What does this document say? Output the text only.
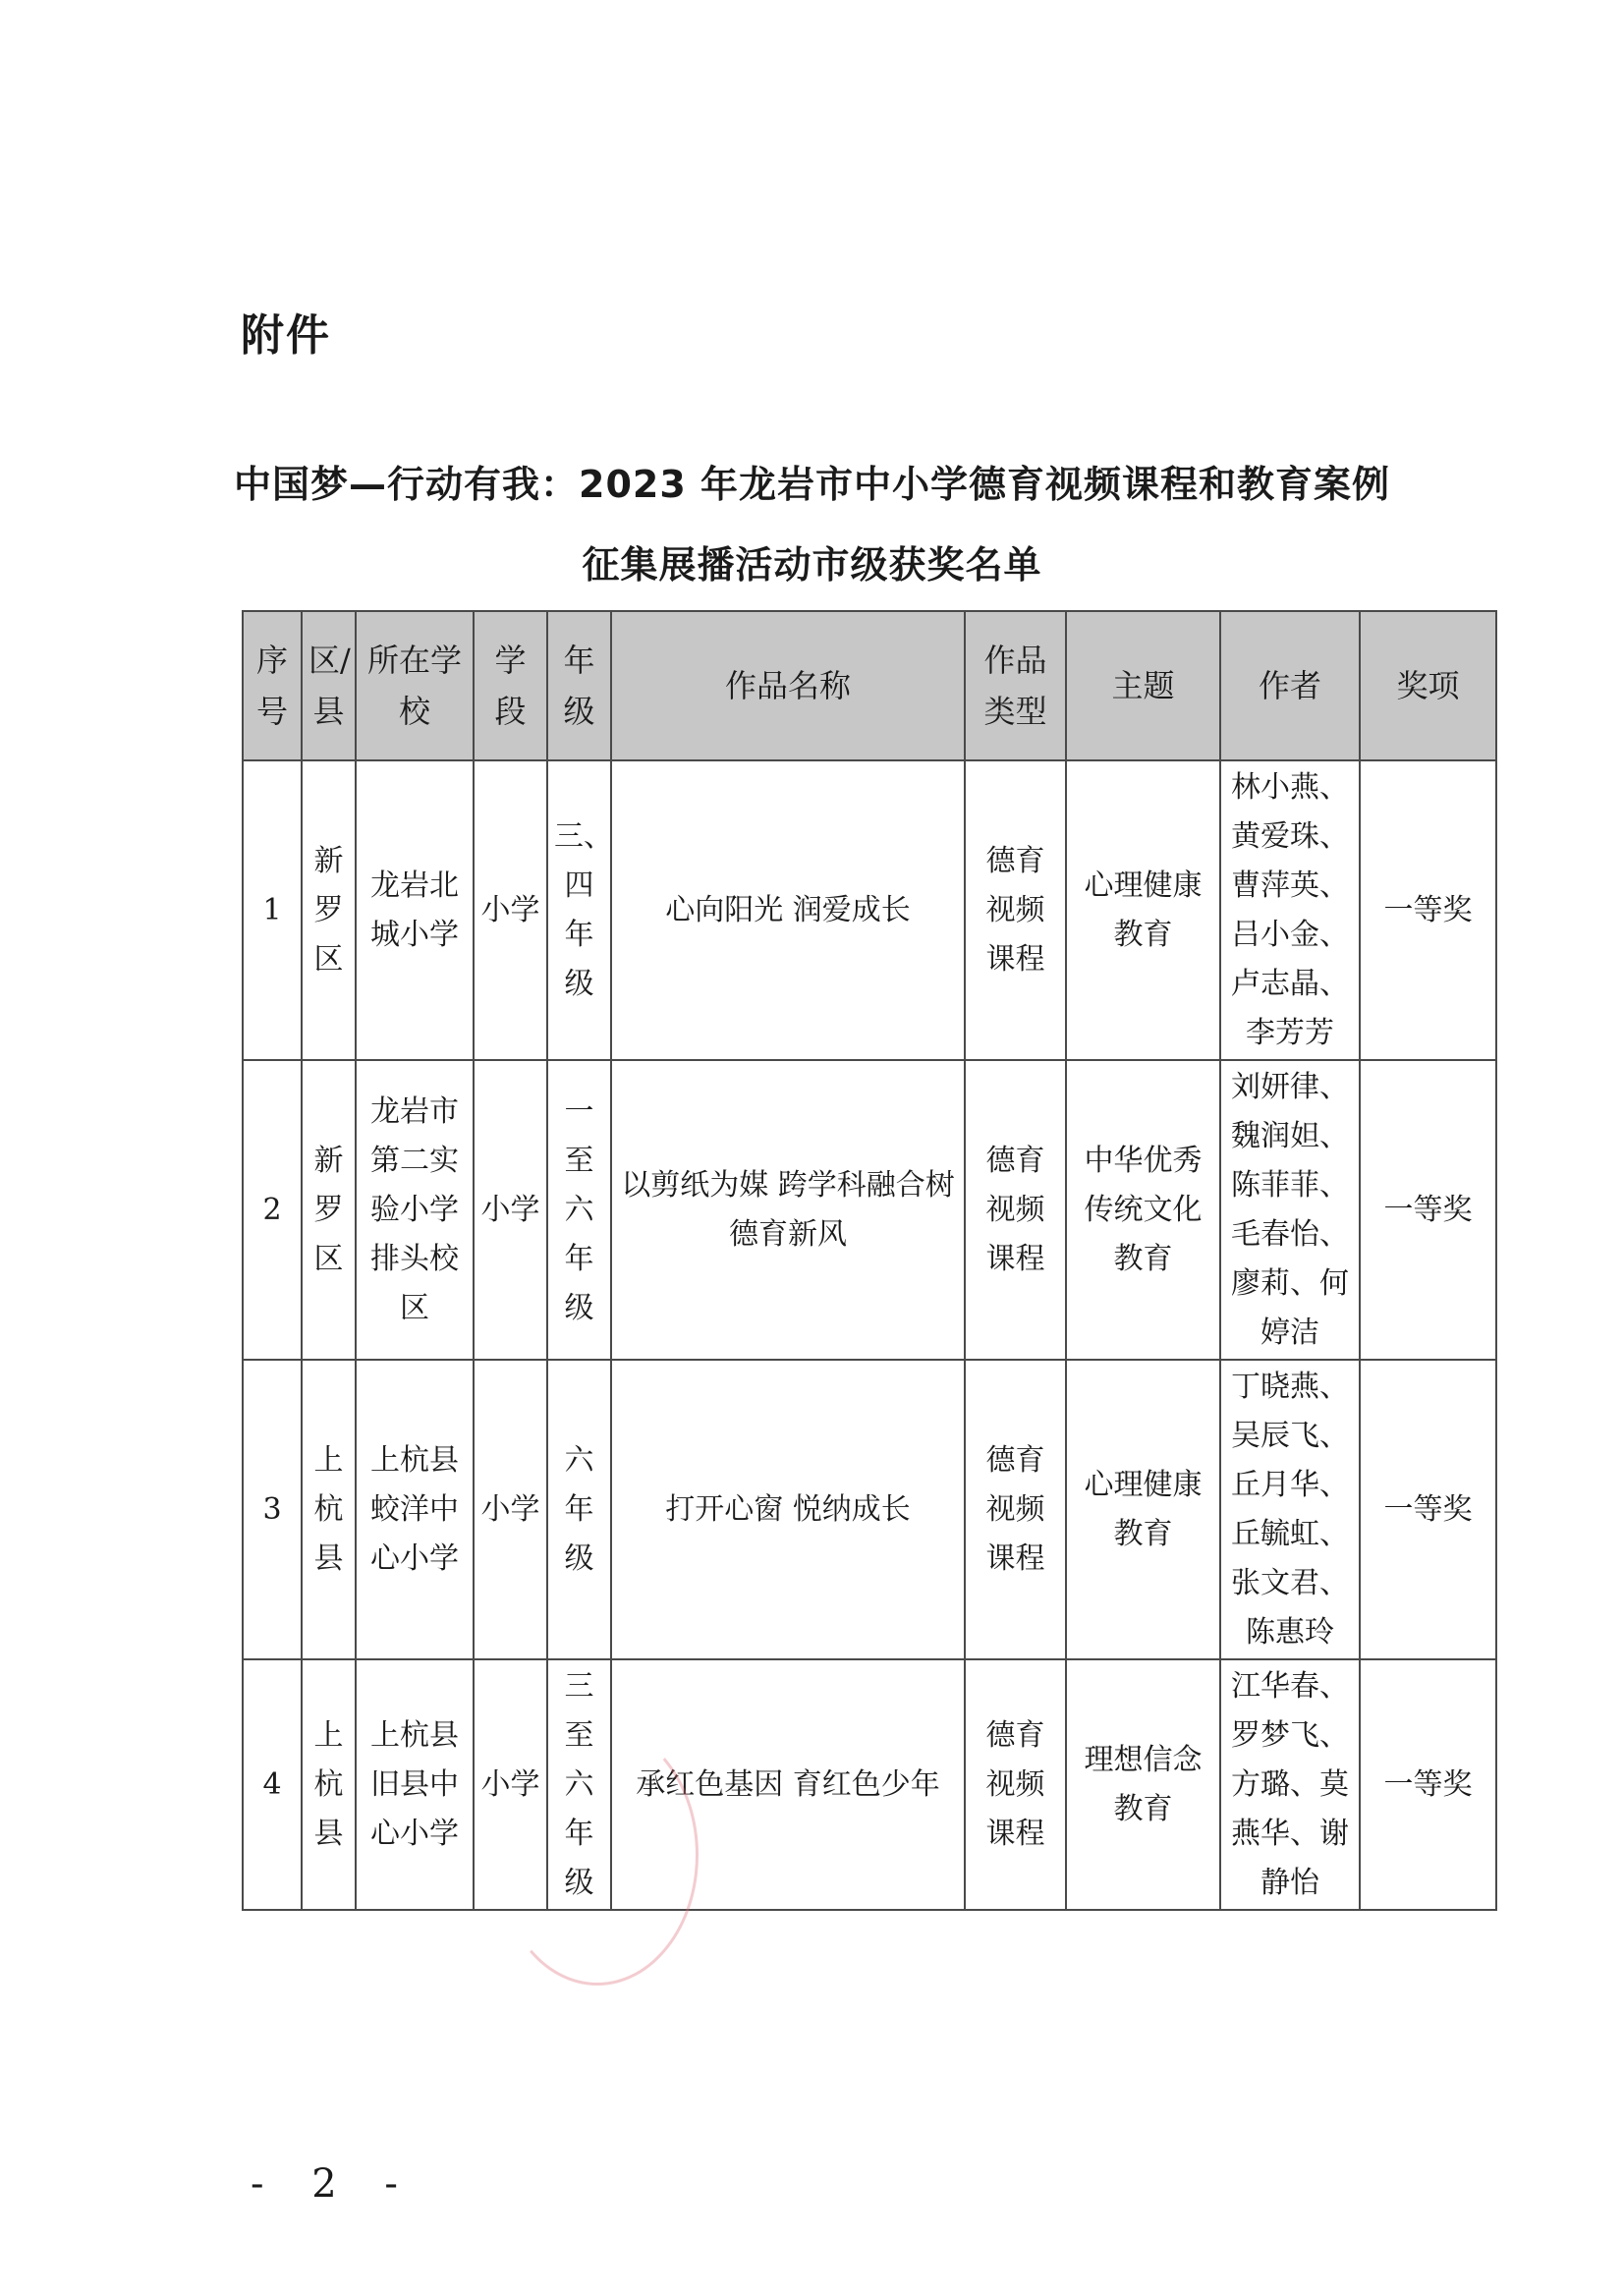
附件
中国梦—行动有我：2023 年龙岩市中小学德育视频课程和教育案例
征集展播活动市级获奖名单
序号	区/县	所在学校	学段	年级	作品名称	作品类型	主题	作者	奖项
1	新罗区	龙岩北城小学	小学	三、四年级	心向阳光 润爱成长	德育视频课程	心理健康教育	林小燕、黄爱珠、曹萍英、吕小金、卢志晶、李芳芳	一等奖
2	新罗区	龙岩市第二实验小学排头校区	小学	一至六年级	以剪纸为媒 跨学科融合树德育新风	德育视频课程	中华优秀传统文化教育	刘妍律、魏润妲、陈菲菲、毛春怡、廖莉、何婷洁	一等奖
3	上杭县	上杭县蛟洋中心小学	小学	六年级	打开心窗 悦纳成长	德育视频课程	心理健康教育	丁晓燕、吴辰飞、丘月华、丘毓虹、张文君、陈惠玲	一等奖
4	上杭县	上杭县旧县中心小学	小学	三至六年级	承红色基因 育红色少年	德育视频课程	理想信念教育	江华春、罗梦飞、方璐、莫燕华、谢静怡	一等奖
- 2 -
